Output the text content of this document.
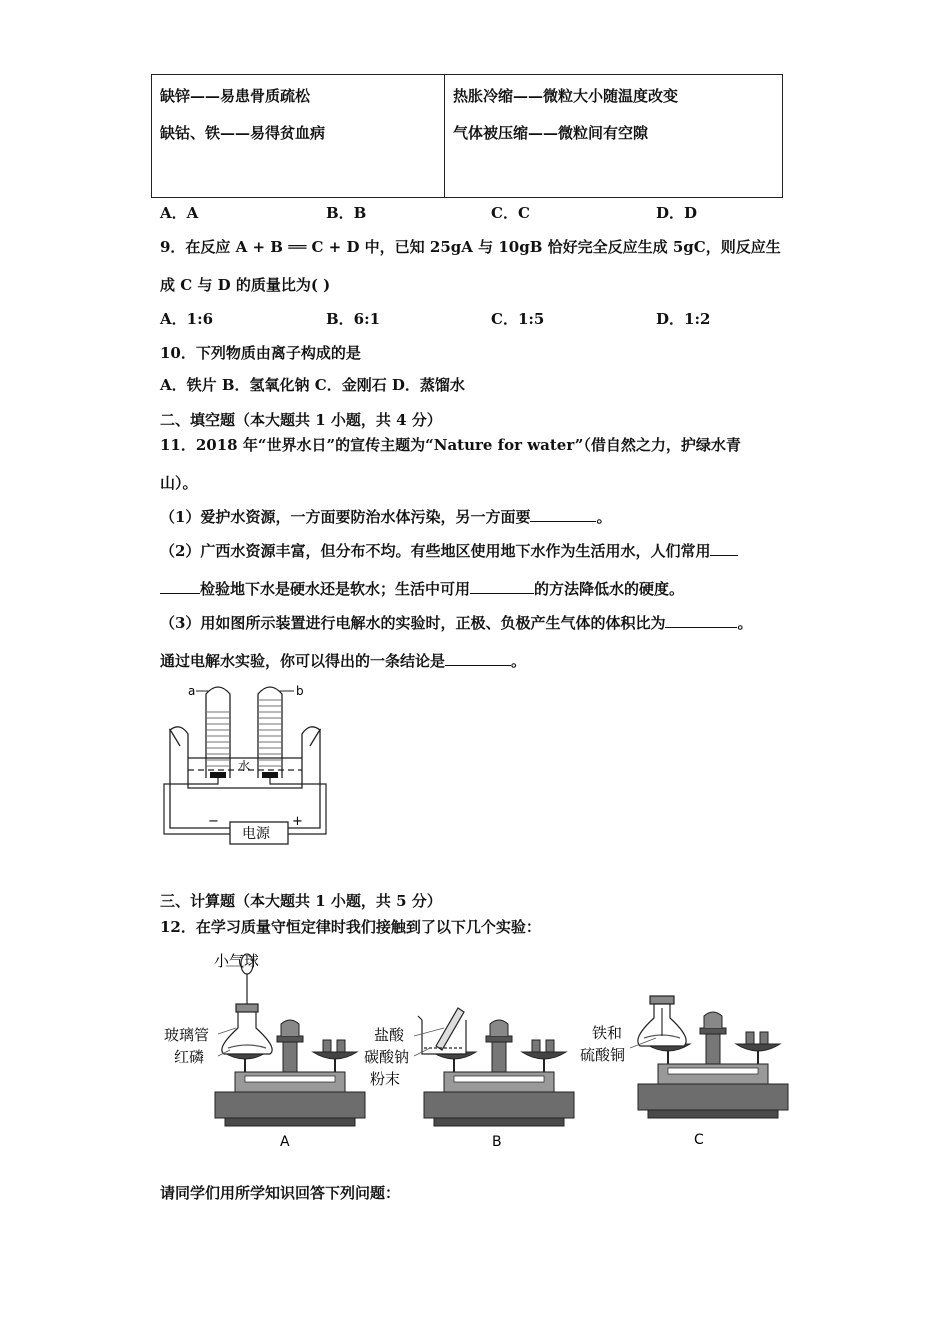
缺锌——易患骨质疏松
缺钴、铁——易得贫血病

热胀冷缩——微粒大小随温度改变
气体被压缩——微粒间有空隙
A．A	B．B	C．C	D．D
9．在反应 A + B ══ C + D 中，已知 25gA 与 10gB 恰好完全反应生成 5gC，则反应生
成 C 与 D 的质量比为( )
A．1:6	B．6:1	C．1:5	D．1:2
10．下列物质由离子构成的是
A．铁片 B．氢氧化钠 C．金刚石 D．蒸馏水
二、填空题（本大题共 1 小题，共 4 分）
11．2018 年“世界水日”的宣传主题为“Nature for water”（借自然之力，护绿水青
山）。
（1）爱护水资源，一方面要防治水体污染，另一方面要	。
（2）广西水资源丰富，但分布不均。有些地区使用地下水作为生活用水，人们常用
检验地下水是硬水还是软水；生活中可用	的方法降低水的硬度。
（3）用如图所示装置进行电解水的实验时，正极、负极产生气体的体积比为	。
通过电解水实验，你可以得出的一条结论是	。
a	b
水
电源
−	+
三、计算题（本大题共 1 小题，共 5 分）
12．在学习质量守恒定律时我们接触到了以下几个实验：
小气球
玻璃管
红磷
A
盐酸
碳酸钠
粉末
B
铁和
硫酸铜
C
请同学们用所学知识回答下列问题：
